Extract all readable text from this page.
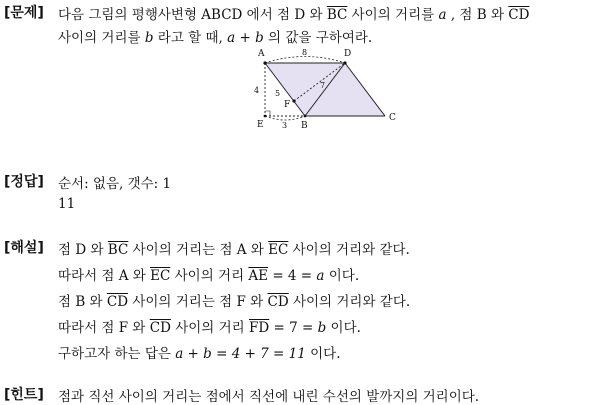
[문제] 다음 그림의 평행사변형 ABCD 에서 점 D 와 $\overline{BC}$ 사이의 거리를 a , 점 B 와 $\overline{CD}$
사이의 거리를 b 라고 할 때, a + b 의 값을 구하여라.
A	D
F
E	B
C
8
4 5
7
3
[정답] 순서: 없음, 갯수: 1
11
[해설] 점 D 와 $\overline{BC}$ 사이의 거리는 점 A 와 $\overline{EC}$ 사이의 거리와 같다.
따라서 점 A 와 $\overline{EC}$ 사이의 거리 $\overline{AE} = 4 = a$ 이다.
점 B 와 $\overline{CD}$ 사이의 거리는 점 F 와 $\overline{CD}$ 사이의 거리와 같다.
따라서 점 F 와 $\overline{CD}$ 사이의 거리 $\overline{FD} = 7 = b$ 이다.
구하고자 하는 답은 a + b = 4 + 7 = 11 이다.
[힌트] 점과 직선 사이의 거리는 점에서 직선에 내린 수선의 발까지의 거리이다.
